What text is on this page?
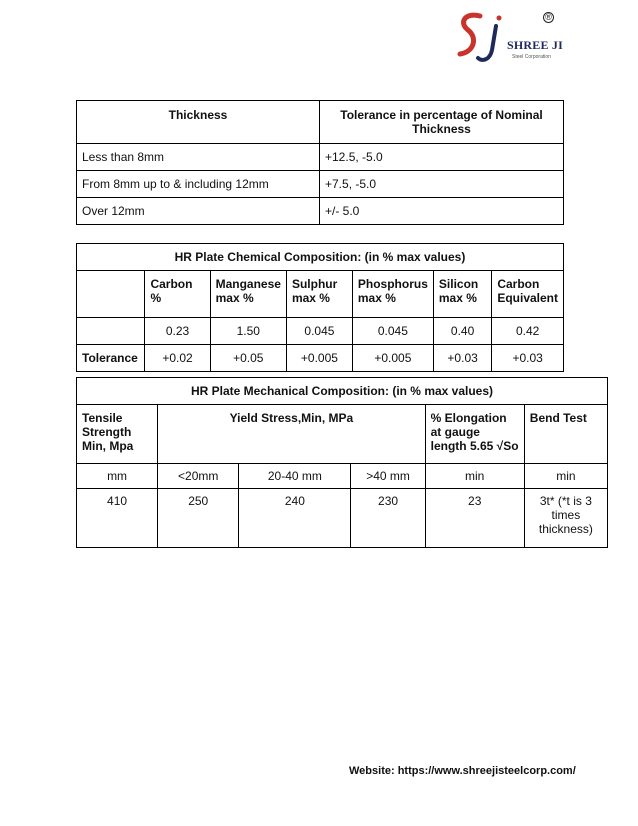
®
SHREE JI
Steel Corporation
Thickness	Tolerance in percentage of Nominal Thickness
Less than 8mm	+12.5, -5.0
From 8mm up to & including 12mm	+7.5, -5.0
Over 12mm	+/- 5.0
HR Plate Chemical Composition: (in % max values)						
	Carbon %	Manganese max %	Sulphur max %	Phosphorus max %	Silicon max %	Carbon Equivalent
	0.23	1.50	0.045	0.045	0.40	0.42
Tolerance	+0.02	+0.05	+0.005	+0.005	+0.03	+0.03
HR Plate Mechanical Composition: (in % max values)					
Tensile Strength Min, Mpa	Yield Stress,Min, MPa			% Elongation at gauge length 5.65 √So	Bend Test
mm	<20mm	20-40 mm	>40 mm	min	min
410	250	240	230	23	3t* (*t is 3 times thickness)
Website: https://www.shreejisteelcorp.com/
